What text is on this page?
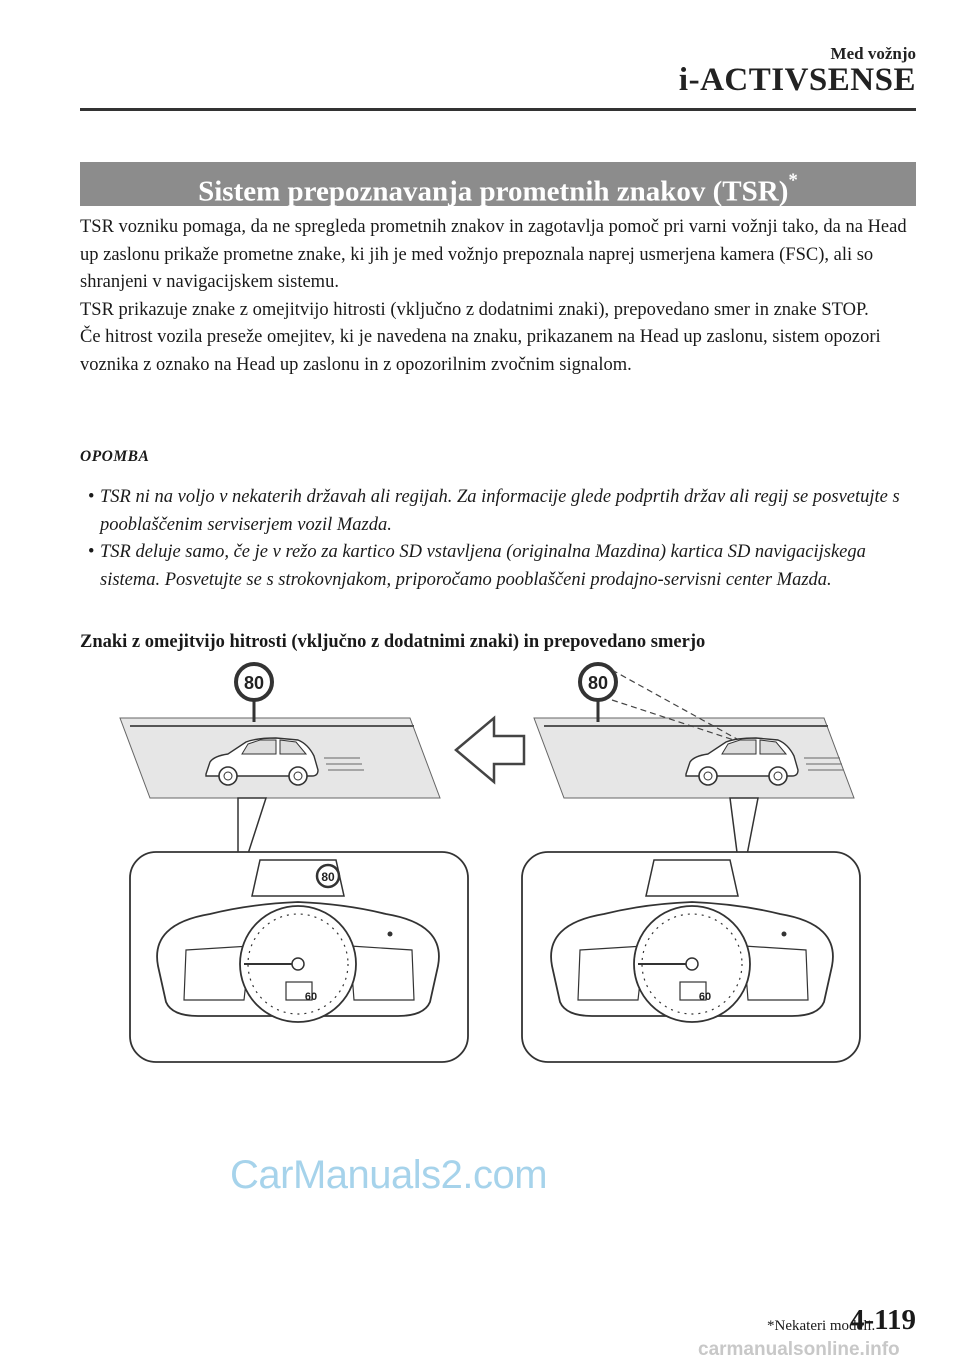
Med vožnjo
i-ACTIVSENSE
Sistem prepoznavanja prometnih znakov (TSR)*

TSR vozniku pomaga, da ne spregleda prometnih znakov in zagotavlja pomoč pri varni vožnji tako, da na Head up zaslonu prikaže prometne znake, ki jih je med vožnjo prepoznala naprej usmerjena kamera (FSC), ali so shranjeni v navigacijskem sistemu.

TSR prikazuje znake z omejitvijo hitrosti (vključno z dodatnimi znaki), prepovedano smer in znake STOP.

Če hitrost vozila preseže omejitev, ki je navedena na znaku, prikazanem na Head up zaslonu, sistem opozori voznika z oznako na Head up zaslonu in z opozorilnim zvočnim signalom.

OPOMBA
• TSR ni na voljo v nekaterih državah ali regijah. Za informacije glede podprtih držav ali regij se posvetujte s pooblaščenim serviserjem vozil Mazda.
• TSR deluje samo, če je v režo za kartico SD vstavljena (originalna Mazdina) kartica SD navigacijskega sistema. Posvetujte se s strokovnjakom, priporočamo pooblaščeni prodajno-servisni center Mazda.
Znaki z omejitvijo hitrosti (vključno z dodatnimi znaki) in prepovedano smerjo
80
80
60
80
60
CarManuals2.com
*Nekateri modeli.
4-119
carmanualsonline.info
